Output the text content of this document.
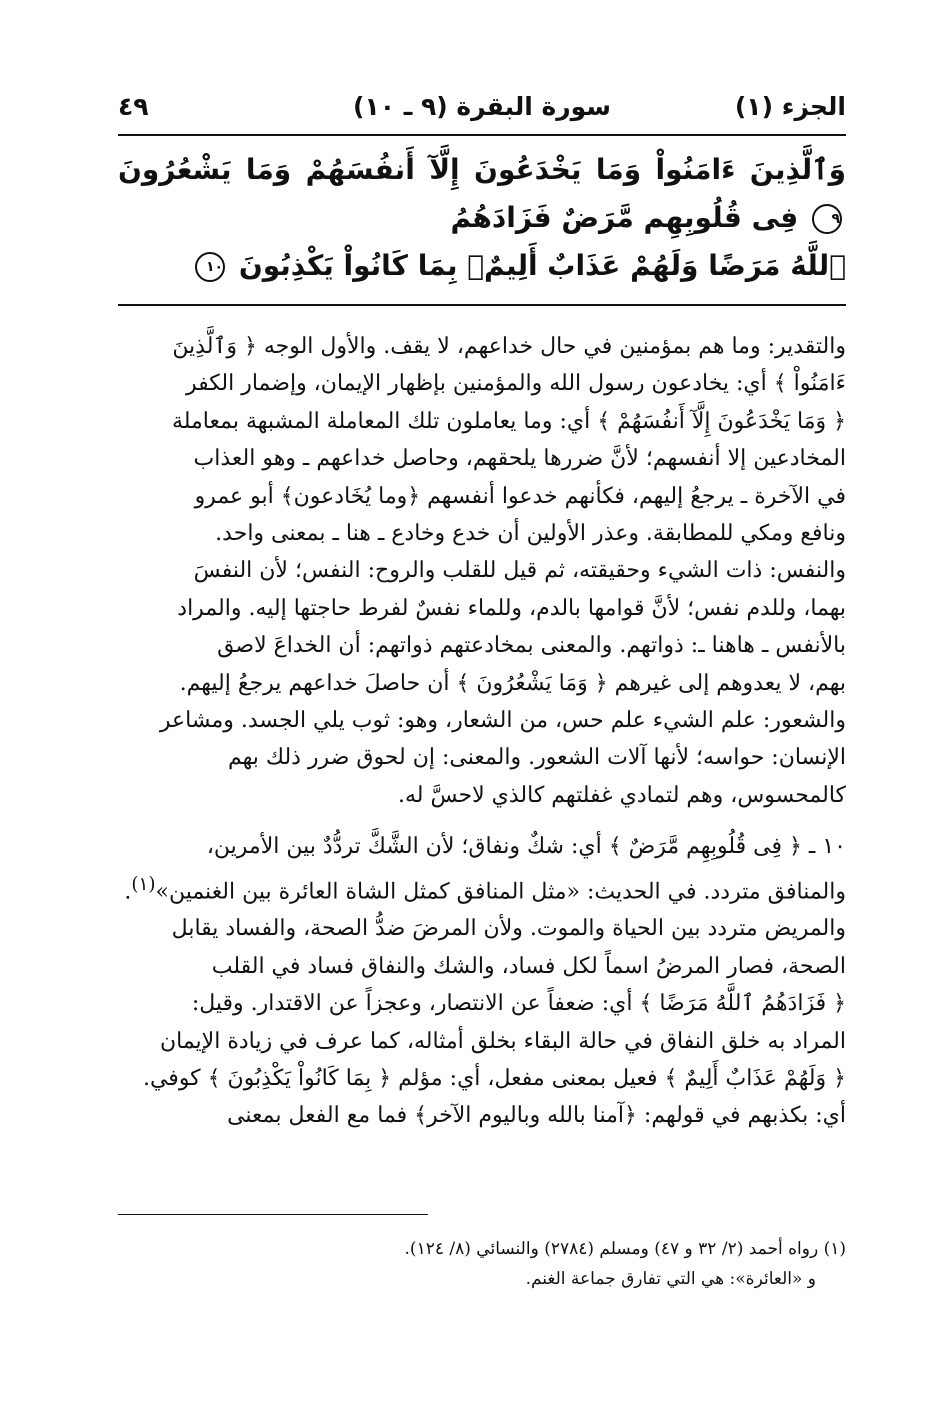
الجزء (١)
سورة البقرة (٩ ـ ١٠)
٤٩
وَٱلَّذِينَ ءَامَنُواْ وَمَا يَخْدَعُونَ إِلَّآ أَنفُسَهُمْ وَمَا يَشْعُرُونَ ٩ فِى قُلُوبِهِم مَّرَضٌ فَزَادَهُمُ
ٱللَّهُ مَرَضًا وَلَهُمْ عَذَابٌ أَلِيمٌۢ بِمَا كَانُواْ يَكْذِبُونَ ١٠

والتقدير: وما هم بمؤمنين في حال خداعهم، لا يقف. والأول الوجه ﴿ وَٱلَّذِينَ

ءَامَنُواْ ﴾ أي: يخادعون رسول الله والمؤمنين بإظهار الإيمان، وإضمار الكفر

﴿ وَمَا يَخْدَعُونَ إِلَّآ أَنفُسَهُمْ ﴾ أي: وما يعاملون تلك المعاملة المشبهة بمعاملة

المخادعين إلا أنفسهم؛ لأنَّ ضررها يلحقهم، وحاصل خداعهم ـ وهو العذاب

في الآخرة ـ يرجعُ إليهم، فكأنهم خدعوا أنفسهم ﴿وما يُخَادعون﴾ أبو عمرو

ونافع ومكي للمطابقة. وعذر الأولين أن خدع وخادع ـ هنا ـ بمعنى واحد.

والنفس: ذات الشيء وحقيقته، ثم قيل للقلب والروح: النفس؛ لأن النفسَ

بهما، وللدم نفس؛ لأنَّ قوامها بالدم، وللماء نفسٌ لفرط حاجتها إليه. والمراد

بالأنفس ـ هاهنا ـ: ذواتهم. والمعنى بمخادعتهم ذواتهم: أن الخداعَ لاصق

بهم، لا يعدوهم إلى غيرهم ﴿ وَمَا يَشْعُرُونَ ﴾ أن حاصلَ خداعهم يرجعُ إليهم.

والشعور: علم الشيء علم حس، من الشعار، وهو: ثوب يلي الجسد. ومشاعر

الإنسان: حواسه؛ لأنها آلات الشعور. والمعنى: إن لحوق ضرر ذلك بهم

كالمحسوس، وهم لتمادي غفلتهم كالذي لاحسَّ له.

١٠ ـ ﴿ فِى قُلُوبِهِم مَّرَضٌ ﴾ أي: شكٌ ونفاق؛ لأن الشَّكَّ تردُّدٌ بين الأمرين،

والمنافق متردد. في الحديث: «مثل المنافق كمثل الشاة العائرة بين الغنمين»$^{(١)}$.

والمريض متردد بين الحياة والموت. ولأن المرضَ ضدُّ الصحة، والفساد يقابل

الصحة، فصار المرضُ اسماً لكل فساد، والشك والنفاق فساد في القلب

﴿ فَزَادَهُمُ ٱللَّهُ مَرَضًا ﴾ أي: ضعفاً عن الانتصار، وعجزاً عن الاقتدار. وقيل:

المراد به خلق النفاق في حالة البقاء بخلق أمثاله، كما عرف في زيادة الإيمان

﴿ وَلَهُمْ عَذَابٌ أَلِيمٌ ﴾ فعيل بمعنى مفعل، أي: مؤلم ﴿ بِمَا كَانُواْ يَكْذِبُونَ ﴾ كوفي.

أي: بكذبهم في قولهم: ﴿آمنا بالله وباليوم الآخر﴾ فما مع الفعل بمعنى

(١) رواه أحمد (٢/ ٣٢ و ٤٧) ومسلم (٢٧٨٤) والنسائي (٨/ ١٢٤).

و «العائرة»: هي التي تفارق جماعة الغنم.
